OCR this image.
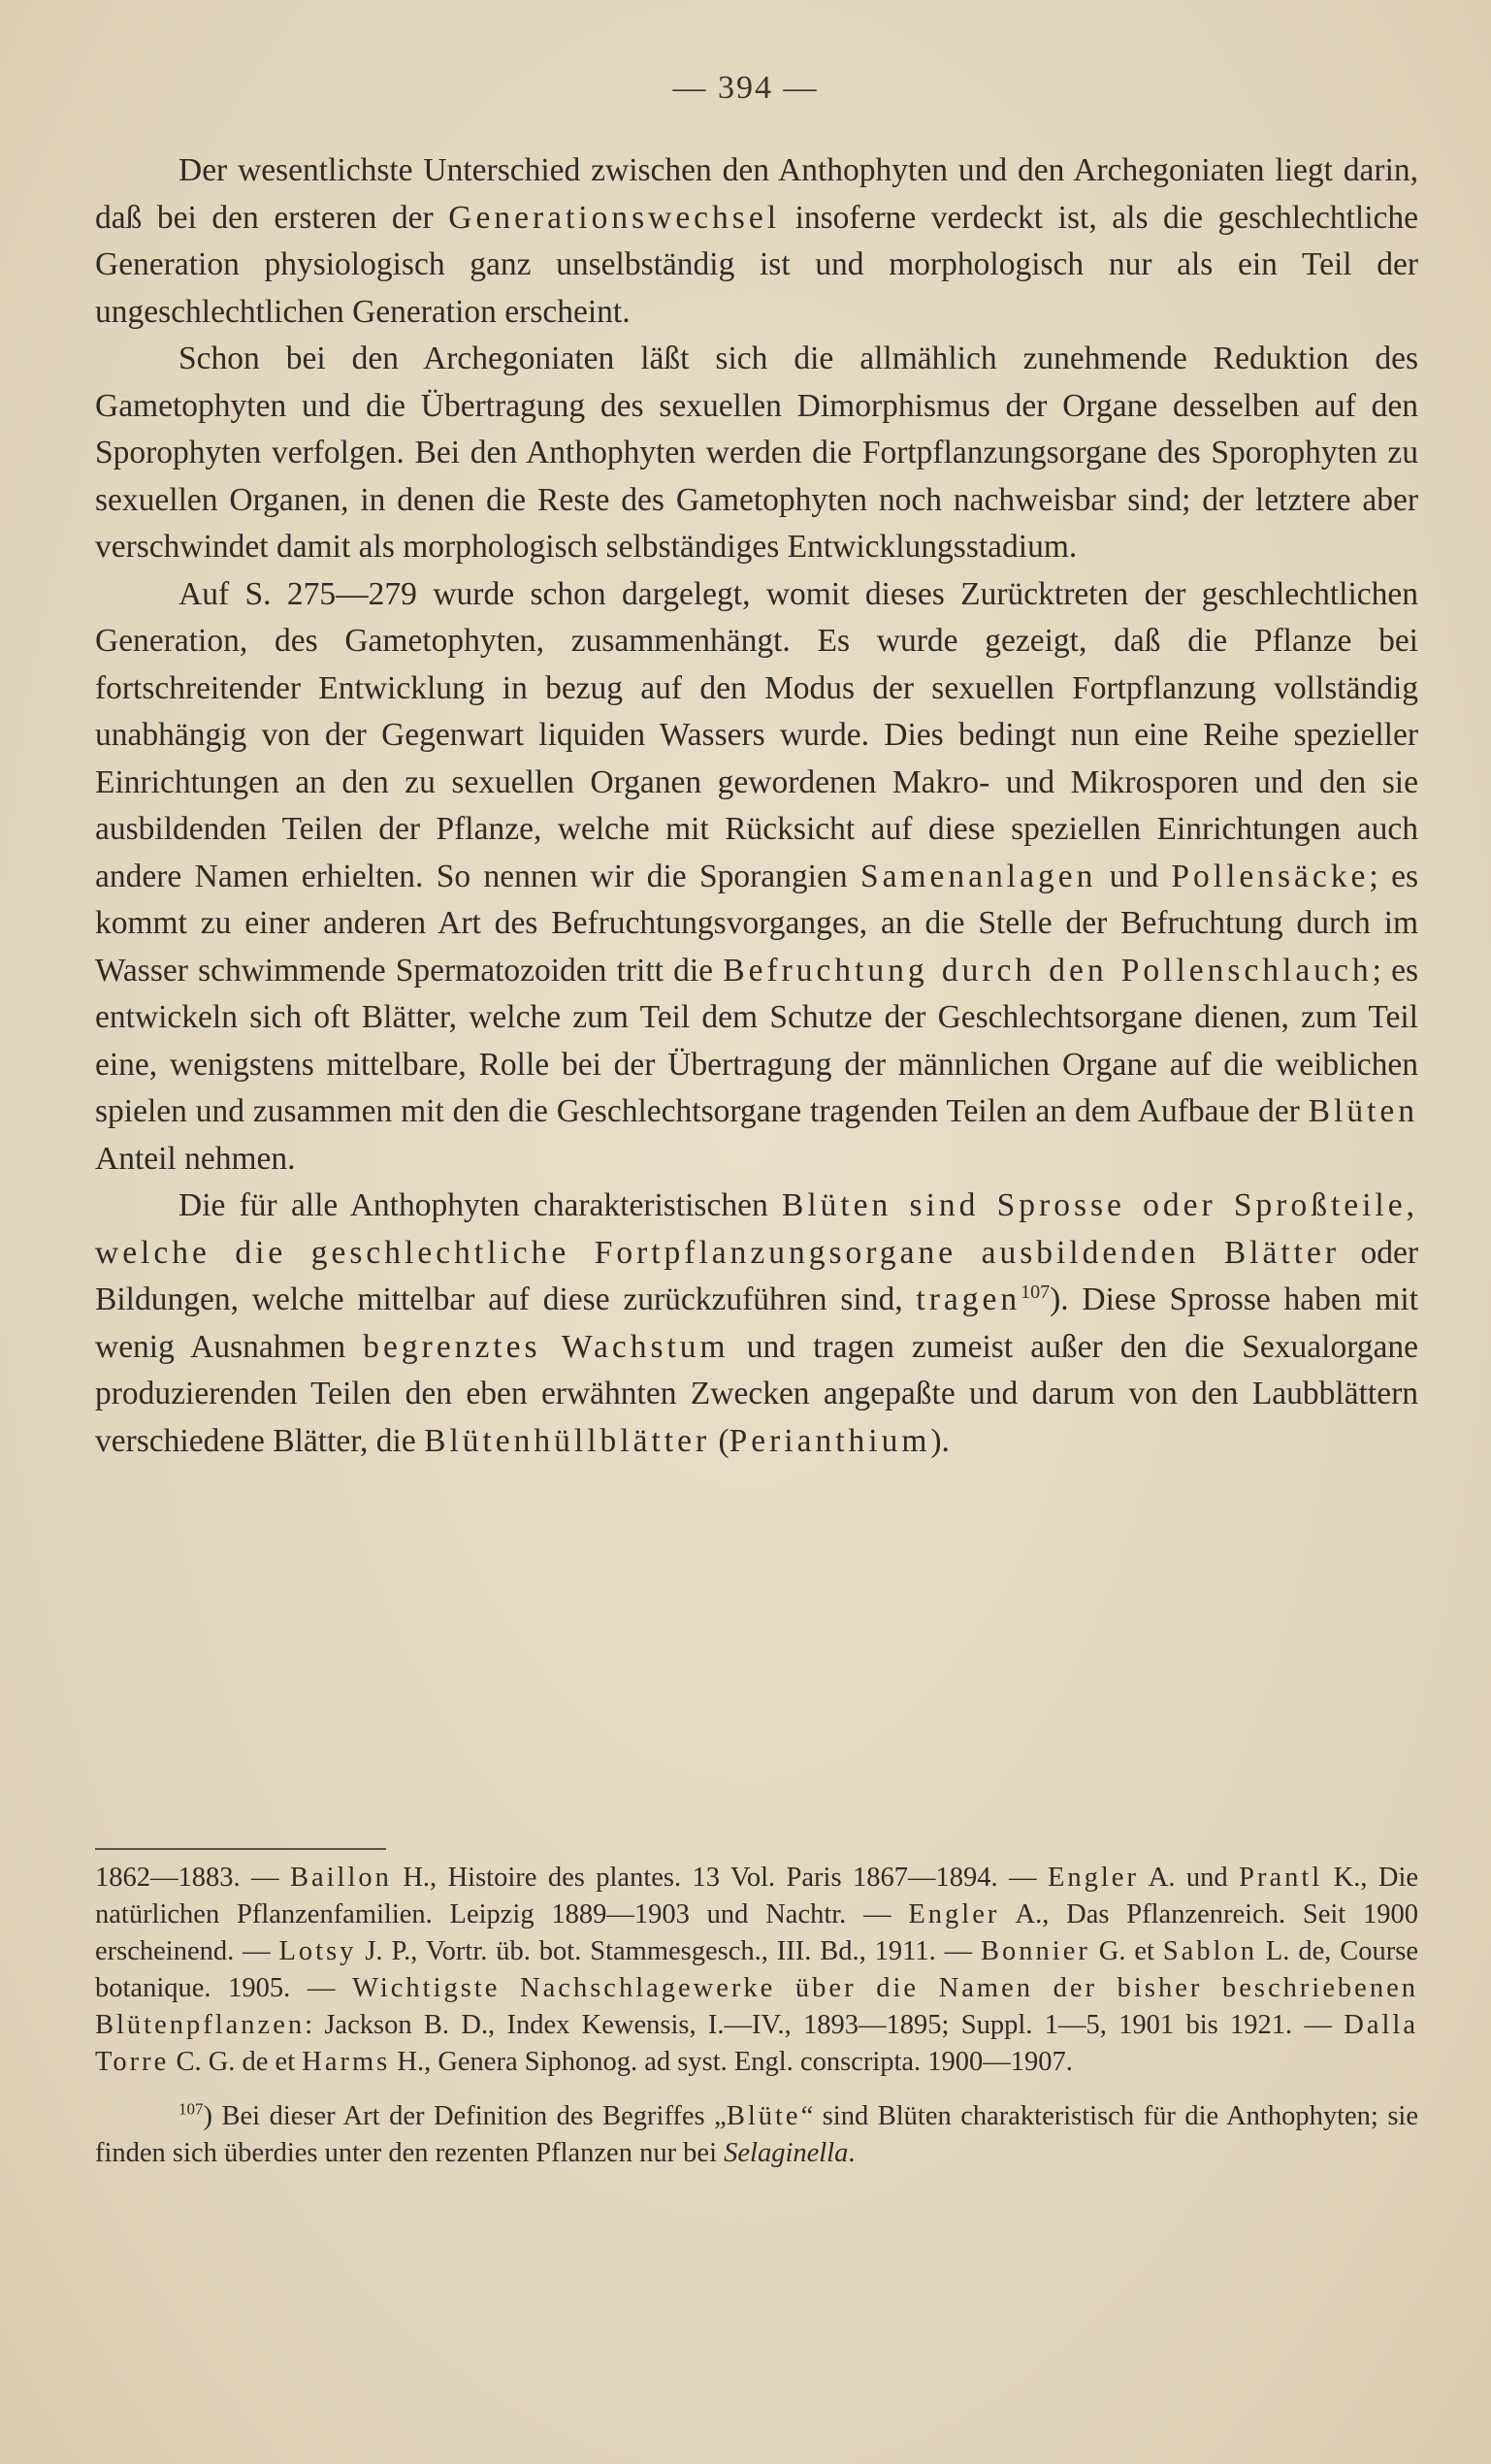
— 394 —

Der wesentlichste Unterschied zwischen den Anthophyten und den Archegoniaten liegt darin, daß bei den ersteren der Generationswechsel insoferne verdeckt ist, als die geschlechtliche Generation physiologisch ganz unselbständig ist und morphologisch nur als ein Teil der ungeschlechtlichen Generation erscheint.

Schon bei den Archegoniaten läßt sich die allmählich zunehmende Reduktion des Gametophyten und die Übertragung des sexuellen Dimorphismus der Organe desselben auf den Sporophyten verfolgen. Bei den Anthophyten werden die Fortpflanzungsorgane des Sporophyten zu sexuellen Organen, in denen die Reste des Gametophyten noch nachweisbar sind; der letztere aber verschwindet damit als morphologisch selbständiges Entwicklungsstadium.

Auf S. 275—279 wurde schon dargelegt, womit dieses Zurücktreten der geschlechtlichen Generation, des Gametophyten, zusammenhängt. Es wurde gezeigt, daß die Pflanze bei fortschreitender Entwicklung in bezug auf den Modus der sexuellen Fortpflanzung vollständig unabhängig von der Gegenwart liquiden Wassers wurde. Dies bedingt nun eine Reihe spezieller Einrichtungen an den zu sexuellen Organen gewordenen Makro- und Mikrosporen und den sie ausbildenden Teilen der Pflanze, welche mit Rücksicht auf diese speziellen Einrichtungen auch andere Namen erhielten. So nennen wir die Sporangien Samenanlagen und Pollensäcke; es kommt zu einer anderen Art des Befruchtungsvorganges, an die Stelle der Befruchtung durch im Wasser schwimmende Spermatozoiden tritt die Befruchtung durch den Pollenschlauch; es entwickeln sich oft Blätter, welche zum Teil dem Schutze der Geschlechtsorgane dienen, zum Teil eine, wenigstens mittelbare, Rolle bei der Übertragung der männlichen Organe auf die weiblichen spielen und zusammen mit den die Geschlechtsorgane tragenden Teilen an dem Aufbaue der Blüten Anteil nehmen.

Die für alle Anthophyten charakteristischen Blüten sind Sprosse oder Sproßteile, welche die geschlechtliche Fortpflanzungsorgane ausbildenden Blätter oder Bildungen, welche mittelbar auf diese zurückzuführen sind, tragen$^{107}$). Diese Sprosse haben mit wenig Ausnahmen begrenztes Wachstum und tragen zumeist außer den die Sexualorgane produzierenden Teilen den eben erwähnten Zwecken angepaßte und darum von den Laubblättern verschiedene Blätter, die Blütenhüllblätter (Perianthium).

1862—1883. — Baillon H., Histoire des plantes. 13 Vol. Paris 1867—1894. — Engler A. und Prantl K., Die natürlichen Pflanzenfamilien. Leipzig 1889—1903 und Nachtr. — Engler A., Das Pflanzenreich. Seit 1900 erscheinend. — Lotsy J. P., Vortr. üb. bot. Stammesgesch., III. Bd., 1911. — Bonnier G. et Sablon L. de, Course botanique. 1905. — Wichtigste Nachschlagewerke über die Namen der bisher beschriebenen Blütenpflanzen: Jackson B. D., Index Kewensis, I.—IV., 1893—1895; Suppl. 1—5, 1901 bis 1921. — Dalla Torre C. G. de et Harms H., Genera Siphonog. ad syst. Engl. conscripta. 1900—1907.

$^{107}$) Bei dieser Art der Definition des Begriffes „Blüte“ sind Blüten charakteristisch für die Anthophyten; sie finden sich überdies unter den rezenten Pflanzen nur bei Selaginella.
